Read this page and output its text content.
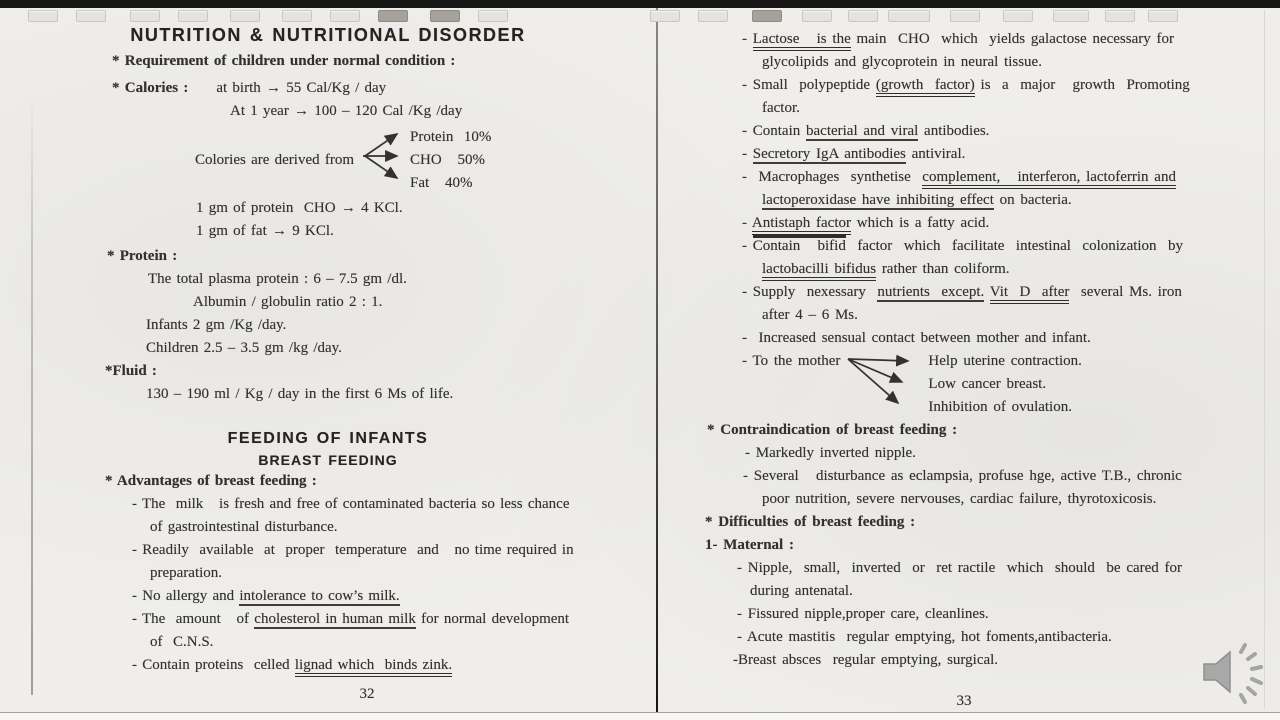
NUTRITION & NUTRITIONAL DISORDER
* Requirement of children under normal condition :
* Calories : at birth → 55 Cal/Kg / day
At 1 year → 100 – 120 Cal /Kg /day
Colories are derived from
Protein  10%
CHO   50%
Fat   40%
1 gm of protein  CHO → 4 KCl.
1 gm of fat → 9 KCl.
* Protein :
The total plasma protein : 6 – 7.5 gm /dl.
Albumin / globulin ratio 2 : 1.
Infants 2 gm /Kg /day.
Children 2.5 – 3.5 gm /kg /day.
*Fluid :
130 – 190 ml / Kg / day in the first 6 Ms of life.
FEEDING OF INFANTS
BREAST FEEDING
* Advantages of breast feeding :
- The  milk   is fresh and free of contaminated bacteria so less chance
of gastrointestinal disturbance.
- Readily  available  at  proper  temperature  and   no time required in
preparation.
- No allergy and intolerance to cow’s milk.
- The  amount   of cholesterol in human milk for normal development
of  C.N.S.
- Contain proteins  celled lignad which  binds zink.
32
- Lactose   is the main  CHO  which  yields galactose necessary for
glycolipids and glycoprotein in neural tissue.
- Small  polypeptide (growth  factor) is  a  major   growth  Promoting
factor.
- Contain bacterial and viral antibodies.
- Secretory IgA antibodies antiviral.
-  Macrophages  synthetise  complement,   interferon, lactoferrin and
lactoperoxidase have inhibiting effect on bacteria.
- Antistaph factor which is a fatty acid.
- Contain   bifid  factor  which  facilitate  intestinal  colonization  by
lactobacilli bifidus rather than coliform.
- Supply  nexessary  nutrients  except. Vit  D  after  several Ms. iron
after 4 – 6 Ms.
-  Increased sensual contact between mother and infant.
- To the mother	Help uterine contraction.
Low cancer breast.
Inhibition of ovulation.
* Contraindication of breast feeding :
- Markedly inverted nipple.
- Several   disturbance as eclampsia, profuse hge, active T.B., chronic
poor nutrition, severe nervouses, cardiac failure, thyrotoxicosis.
* Difficulties of breast feeding :
1- Maternal :
- Nipple,  small,  inverted  or  ret ractile  which  should  be cared for
during antenatal.
- Fissured nipple,proper care, cleanlines.
- Acute mastitis  regular emptying, hot foments,antibacteria.
-Breast absces  regular emptying, surgical.
33
